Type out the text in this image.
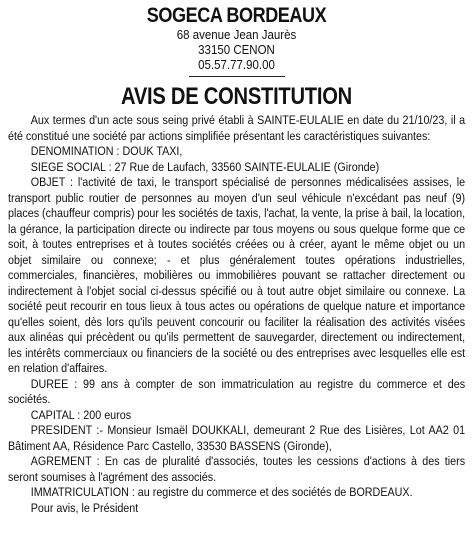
SOGECA BORDEAUX
68 avenue Jean Jaurès
33150 CENON
05.57.77.90.00
AVIS DE CONSTITUTION

Aux termes d'un acte sous seing privé établi à SAINTE-EULALIE en date du 21/10/23, il a été constitué une société par actions simplifiée présentant les caractéristiques suivantes:

DENOMINATION : DOUK TAXI,

SIEGE SOCIAL : 27 Rue de Laufach, 33560 SAINTE-EULALIE (Gironde)

OBJET : l'activité de taxi, le transport spécialisé de personnes médicalisées assises, le transport public routier de personnes au moyen d'un seul véhicule n'excédant pas neuf (9) places (chauffeur compris) pour les sociétés de taxis, l'achat, la vente, la prise à bail, la location, la gérance, la participation directe ou indirecte par tous moyens ou sous quelque forme que ce soit, à toutes entreprises et à toutes sociétés créées ou à créer, ayant le même objet ou un objet similaire ou connexe; - et plus généralement toutes opérations industrielles, commerciales, financières, mobilières ou immobilières pouvant se rattacher directement ou indirectement à l'objet social ci-dessus spécifié ou à tout autre objet similaire ou connexe. La société peut recourir en tous lieux à tous actes ou opérations de quelque nature et importance qu'elles soient, dès lors qu'ils peuvent concourir ou faciliter la réalisation des activités visées aux alinéas qui précèdent ou qu'ils permettent de sauvegarder, directement ou indirectement, les intérêts commerciaux ou financiers de la société ou des entreprises avec lesquelles elle est en relation d'affaires.

DUREE : 99 ans à compter de son immatriculation au registre du commerce et des sociétés.

CAPITAL : 200 euros

PRESIDENT :- Monsieur Ismaël DOUKKALI, demeurant 2 Rue des Lisières, Lot AA2 01 Bâtiment AA, Résidence Parc Castello, 33530 BASSENS (Gironde),

AGREMENT : En cas de pluralité d'associés, toutes les cessions d'actions à des tiers seront soumises à l'agrément des associés.

IMMATRICULATION : au registre du commerce et des sociétés de BORDEAUX.

Pour avis, le Président
